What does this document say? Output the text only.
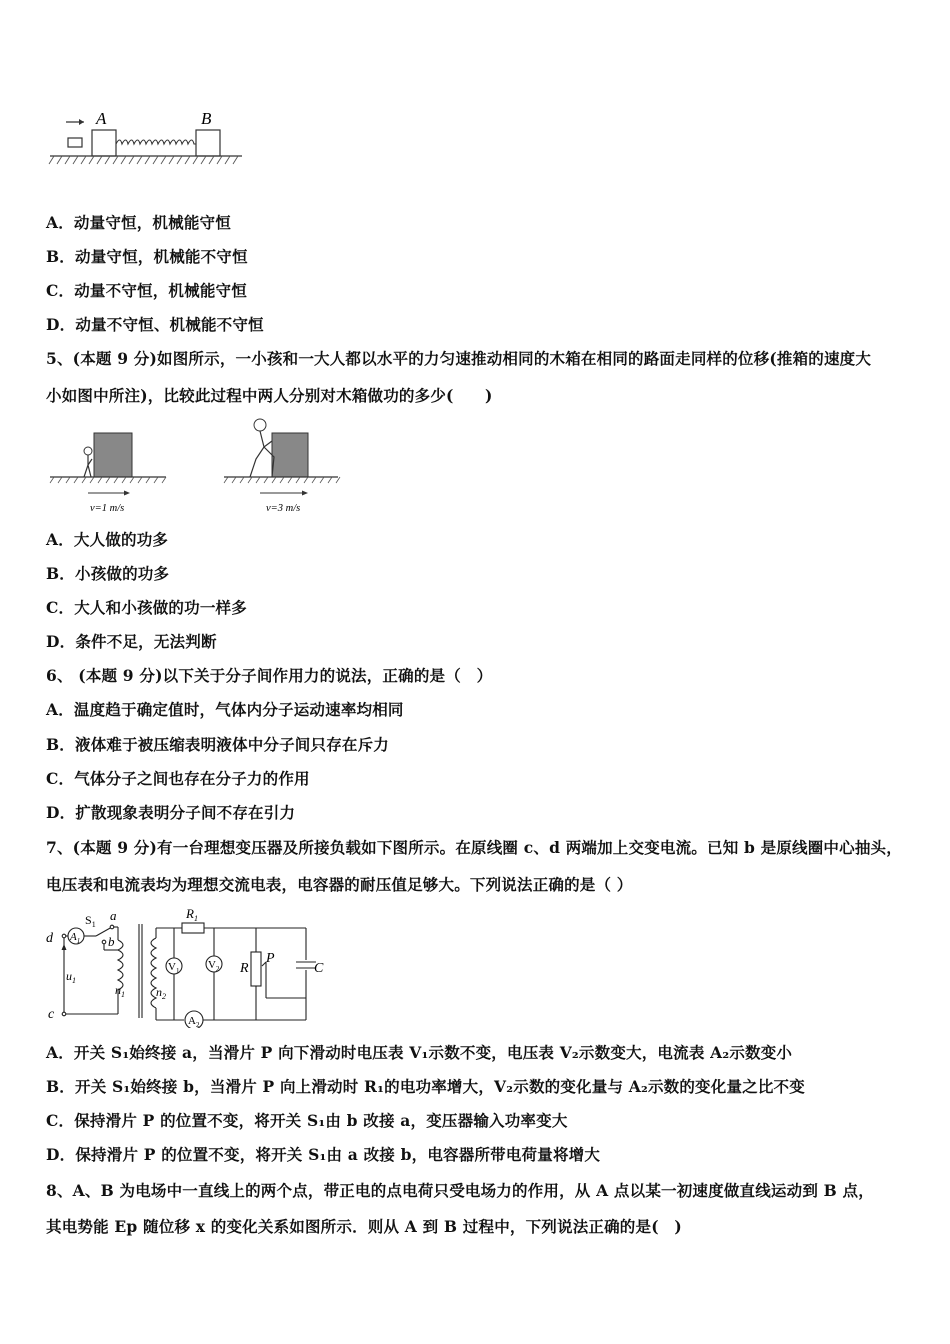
A	B
A．动量守恒，机械能守恒
B．动量守恒，机械能不守恒
C．动量不守恒，机械能守恒
D．动量不守恒、机械能不守恒
5、(本题 9 分)如图所示，一小孩和一大人都以水平的力匀速推动相同的木箱在相同的路面走同样的位移(推箱的速度大
小如图中所注)，比较此过程中两人分别对木箱做功的多少(　　)
v=1 m/s	v=3 m/s
A．大人做的功多
B．小孩做的功多
C．大人和小孩做的功一样多
D．条件不足，无法判断
6、 (本题 9 分)以下关于分子间作用力的说法，正确的是（　）
A．温度趋于确定值时，气体内分子运动速率均相同
B．液体难于被压缩表明液体中分子间只存在斥力
C．气体分子之间也存在分子力的作用
D．扩散现象表明分子间不存在引力
7、(本题 9 分)有一台理想变压器及所接负载如下图所示。在原线圈 c、d 两端加上交变电流。已知 b 是原线圈中心抽头，
电压表和电流表均为理想交流电表，电容器的耐压值足够大。下列说法正确的是（ ）
d
c
$A_1$
$S_1$
a
b
$u_1$
$n_1$	$n_2$
$V_1$	$V_2$
$A_2$
$R_1$
R
P
C
A．开关 S₁始终接 a，当滑片 P 向下滑动时电压表 V₁示数不变，电压表 V₂示数变大，电流表 A₂示数变小
B．开关 S₁始终接 b，当滑片 P 向上滑动时 R₁的电功率增大，V₂示数的变化量与 A₂示数的变化量之比不变
C．保持滑片 P 的位置不变，将开关 S₁由 b 改接 a，变压器输入功率变大
D．保持滑片 P 的位置不变，将开关 S₁由 a 改接 b，电容器所带电荷量将增大
8、A、B 为电场中一直线上的两个点，带正电的点电荷只受电场力的作用，从 A 点以某一初速度做直线运动到 B 点，
其电势能 Ep 随位移 x 的变化关系如图所示．则从 A 到 B 过程中，下列说法正确的是(　)
